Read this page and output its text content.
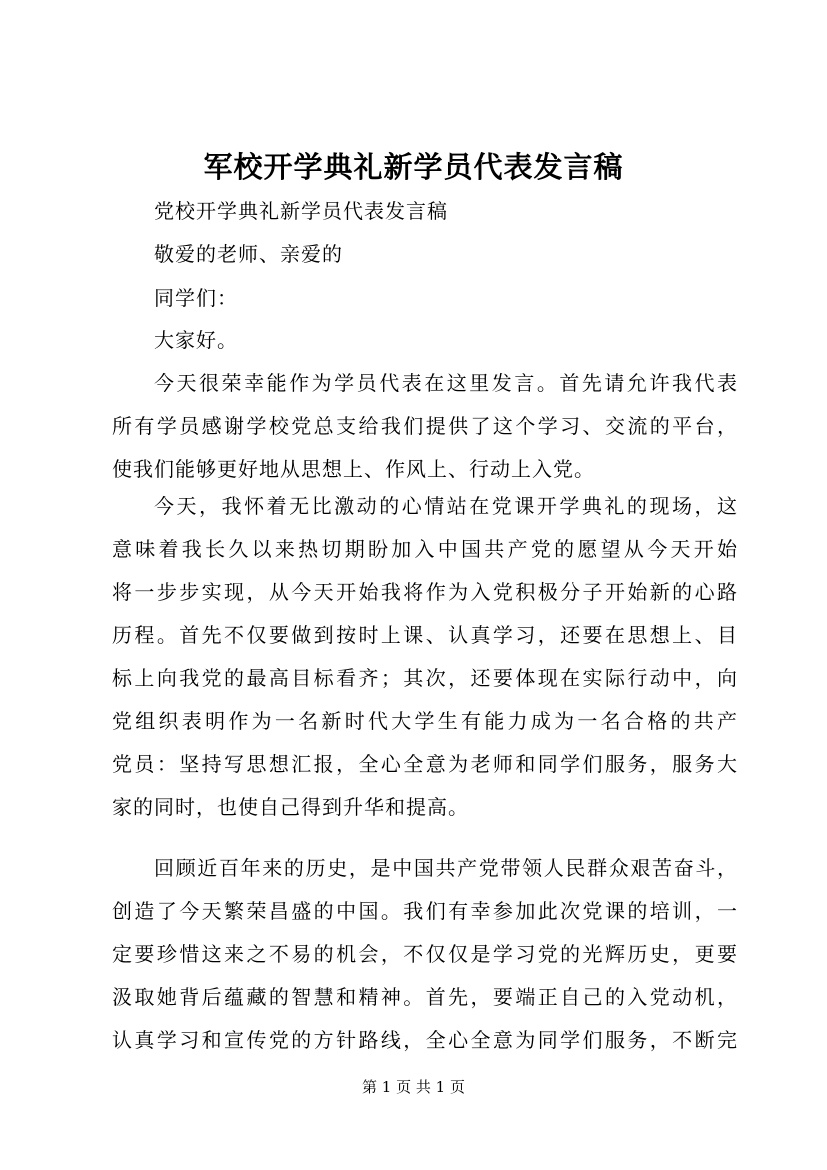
军校开学典礼新学员代表发言稿
党校开学典礼新学员代表发言稿
敬爱的老师、亲爱的
同学们：
大家好。
今天很荣幸能作为学员代表在这里发言。首先请允许我代表
所有学员感谢学校党总支给我们提供了这个学习、交流的平台，
使我们能够更好地从思想上、作风上、行动上入党。
今天，我怀着无比激动的心情站在党课开学典礼的现场，这
意味着我长久以来热切期盼加入中国共产党的愿望从今天开始
将一步步实现，从今天开始我将作为入党积极分子开始新的心路
历程。首先不仅要做到按时上课、认真学习，还要在思想上、目
标上向我党的最高目标看齐；其次，还要体现在实际行动中，向
党组织表明作为一名新时代大学生有能力成为一名合格的共产
党员：坚持写思想汇报，全心全意为老师和同学们服务，服务大
家的同时，也使自己得到升华和提高。
回顾近百年来的历史，是中国共产党带领人民群众艰苦奋斗，
创造了今天繁荣昌盛的中国。我们有幸参加此次党课的培训，一
定要珍惜这来之不易的机会，不仅仅是学习党的光辉历史，更要
汲取她背后蕴藏的智慧和精神。首先，要端正自己的入党动机，
认真学习和宣传党的方针路线，全心全意为同学们服务，不断完
第 1 页 共 1 页
